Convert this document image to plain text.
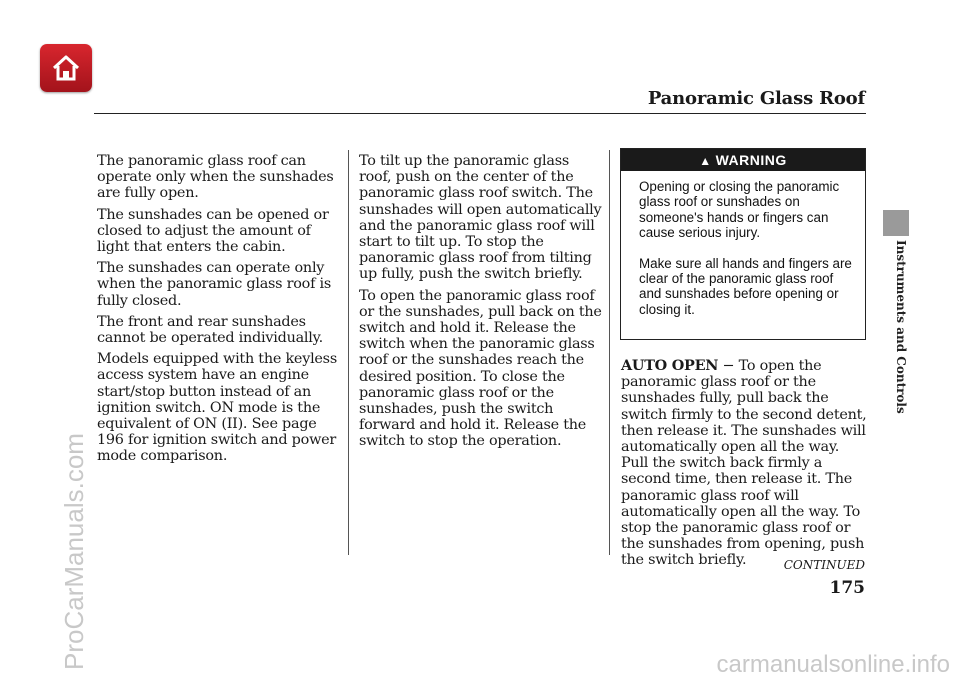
Panoramic Glass Roof
Instruments and Controls

The panoramic glass roof can operate only when the sunshades are fully open.

The sunshades can be opened or closed to adjust the amount of light that enters the cabin.

The sunshades can operate only when the panoramic glass roof is fully closed.

The front and rear sunshades cannot be operated individually.

Models equipped with the keyless access system have an engine start/stop button instead of an ignition switch. ON mode is the equivalent of ON (II). See page 196 for ignition switch and power mode comparison.

To tilt up the panoramic glass roof, push on the center of the panoramic glass roof switch. The sunshades will open automatically and the panoramic glass roof will start to tilt up. To stop the panoramic glass roof from tilting up fully, push the switch briefly.

To open the panoramic glass roof or the sunshades, pull back on the switch and hold it. Release the switch when the panoramic glass roof or the sunshades reach the desired position. To close the panoramic glass roof or the sunshades, push the switch forward and hold it. Release the switch to stop the operation.

▲ WARNING

Opening or closing the panoramic glass roof or sunshades on someone's hands or fingers can cause serious injury.

Make sure all hands and fingers are clear of the panoramic glass roof and sunshades before opening or closing it.

AUTO OPEN − To open the panoramic glass roof or the sunshades fully, pull back the switch firmly to the second detent, then release it. The sunshades will automatically open all the way. Pull the switch back firmly a second time, then release it. The panoramic glass roof will automatically open all the way. To stop the panoramic glass roof or the sunshades from opening, push the switch briefly.	CONTINUED
175
ProCarManuals.com	carmanualsonline.info
